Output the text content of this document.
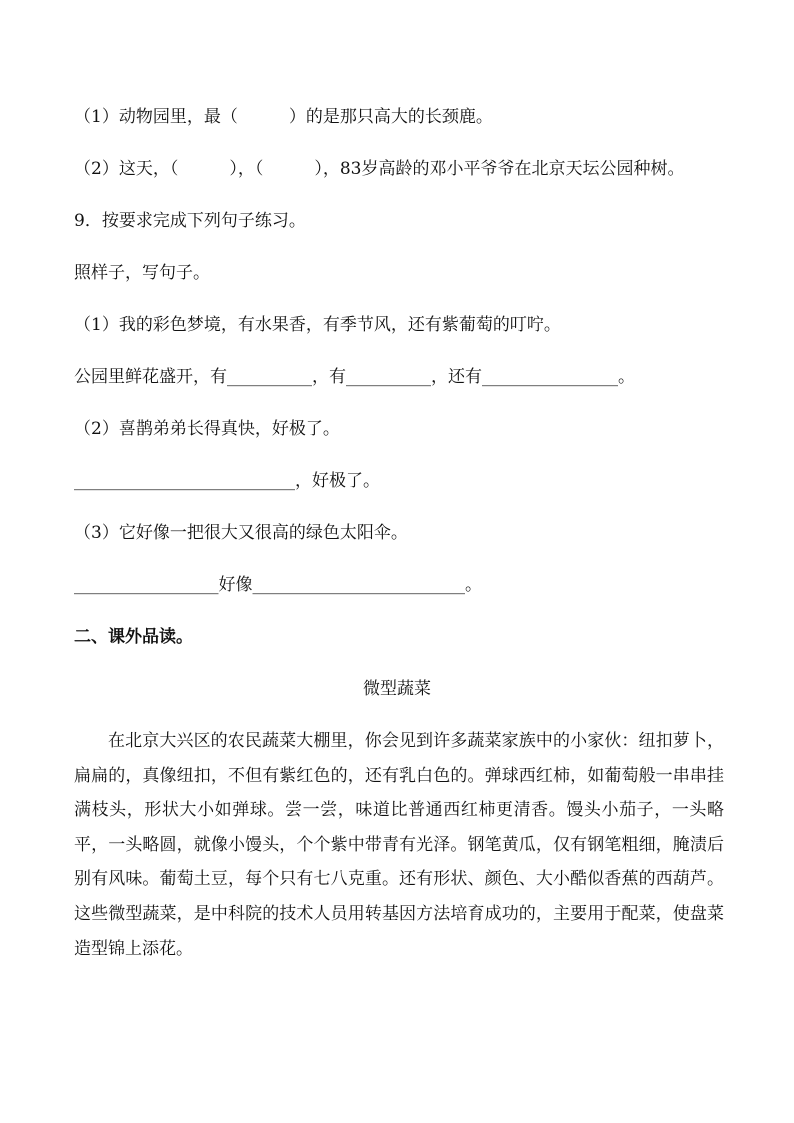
（1）动物园里，最（　　　）的是那只高大的长颈鹿。
（2）这天，（　　　），（　　　），83岁高龄的邓小平爷爷在北京天坛公园种树。
9．按要求完成下列句子练习。
照样子，写句子。
（1）我的彩色梦境，有水果香，有季节风，还有紫葡萄的叮咛。
公园里鲜花盛开，有__________，有__________，还有________________。
（2）喜鹊弟弟长得真快，好极了。
__________________________，好极了。
（3）它好像一把很大又很高的绿色太阳伞。
_________________好像_________________________。
二、课外品读。
微型蔬菜
在北京大兴区的农民蔬菜大棚里，你会见到许多蔬菜家族中的小家伙：纽扣萝卜，扁扁的，真像纽扣，不但有紫红色的，还有乳白色的。弹球西红柿，如葡萄般一串串挂满枝头，形状大小如弹球。尝一尝，味道比普通西红柿更清香。馒头小茄子，一头略平，一头略圆，就像小馒头，个个紫中带青有光泽。钢笔黄瓜，仅有钢笔粗细，腌渍后别有风味。葡萄土豆，每个只有七八克重。还有形状、颜色、大小酷似香蕉的西葫芦。这些微型蔬菜，是中科院的技术人员用转基因方法培育成功的，主要用于配菜，使盘菜造型锦上添花。
